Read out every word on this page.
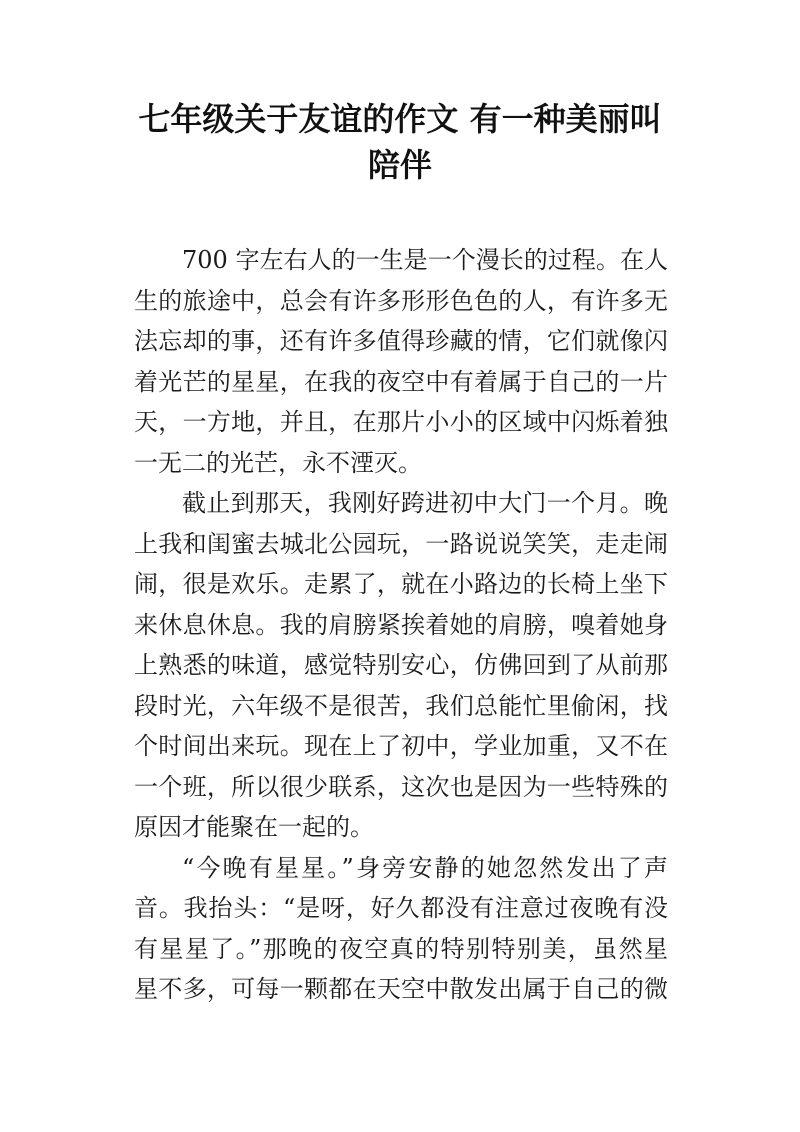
七年级关于友谊的作文 有一种美丽叫
陪伴
700 字左右人的一生是一个漫长的过程。在人
生的旅途中，总会有许多形形色色的人，有许多无
法忘却的事，还有许多值得珍藏的情，它们就像闪
着光芒的星星，在我的夜空中有着属于自己的一片
天，一方地，并且，在那片小小的区域中闪烁着独
一无二的光芒，永不湮灭。
截止到那天，我刚好跨进初中大门一个月。晚
上我和闺蜜去城北公园玩，一路说说笑笑，走走闹
闹，很是欢乐。走累了，就在小路边的长椅上坐下
来休息休息。我的肩膀紧挨着她的肩膀，嗅着她身
上熟悉的味道，感觉特别安心，仿佛回到了从前那
段时光，六年级不是很苦，我们总能忙里偷闲，找
个时间出来玩。现在上了初中，学业加重，又不在
一个班，所以很少联系，这次也是因为一些特殊的
原因才能聚在一起的。
“今晚有星星。”身旁安静的她忽然发出了声
音。我抬头：“是呀，好久都没有注意过夜晚有没
有星星了。”那晚的夜空真的特别特别美，虽然星
星不多，可每一颗都在天空中散发出属于自己的微
